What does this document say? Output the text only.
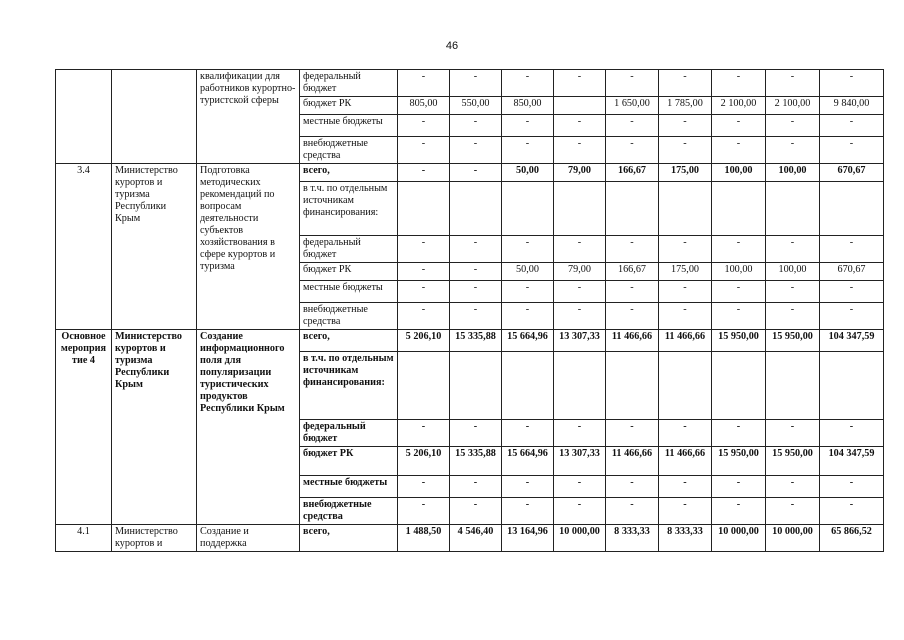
46
		квалификации для работников курортно-туристской сферы	федеральный бюджет	-	-	-	-	-	-	-	-	-
			бюджет РК	805,00	550,00	850,00		1 650,00	1 785,00	2 100,00	2 100,00	9 840,00
			местные бюджеты	-	-	-	-	-	-	-	-	-
			внебюджетные средства	-	-	-	-	-	-	-	-	-
3.4	Министерство курортов и туризма Республики Крым	Подготовка методических рекомендаций по вопросам деятельности субъектов хозяйствования в сфере курортов и туризма	всего,	-	-	50,00	79,00	166,67	175,00	100,00	100,00	670,67
			в т.ч. по отдельным источникам финансирования:									
			федеральный бюджет	-	-	-	-	-	-	-	-	-
			бюджет РК	-	-	50,00	79,00	166,67	175,00	100,00	100,00	670,67
			местные бюджеты	-	-	-	-	-	-	-	-	-
			внебюджетные средства	-	-	-	-	-	-	-	-	-
Основное мероприятие 4	Министерство курортов и туризма Республики Крым	Создание информационного поля для популяризации туристических продуктов Республики Крым	всего,	5 206,10	15 335,88	15 664,96	13 307,33	11 466,66	11 466,66	15 950,00	15 950,00	104 347,59
			в т.ч. по отдельным источникам финансирования:									
			федеральный бюджет	-	-	-	-	-	-	-	-	-
			бюджет РК	5 206,10	15 335,88	15 664,96	13 307,33	11 466,66	11 466,66	15 950,00	15 950,00	104 347,59
			местные бюджеты	-	-	-	-	-	-	-	-	-
			внебюджетные средства	-	-	-	-	-	-	-	-	-
4.1	Министерство курортов и	Создание и поддержка	всего,	1 488,50	4 546,40	13 164,96	10 000,00	8 333,33	8 333,33	10 000,00	10 000,00	65 866,52
